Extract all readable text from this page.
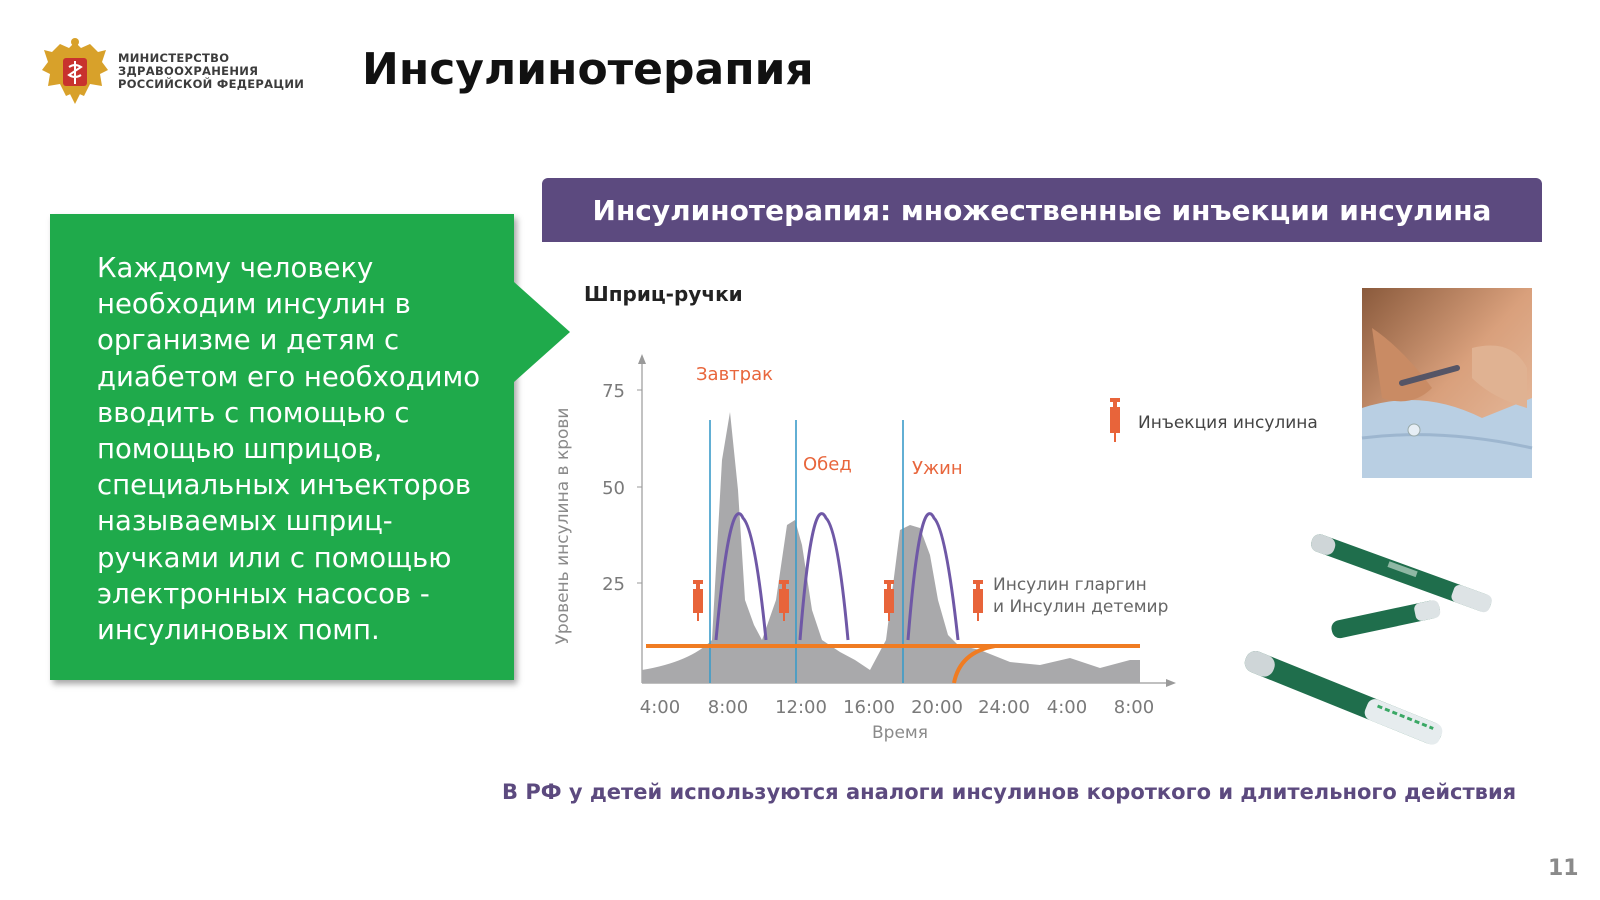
МИНИСТЕРСТВО
ЗДРАВООХРАНЕНИЯ
РОССИЙСКОЙ ФЕДЕРАЦИИ	Инсулинотерапия
Каждому человеку необходим инсулин в организме и детям с диабетом его необходимо вводить с помощью с помощью шприцов, специальных инъекторов называемых шприц-ручками или с помощью электронных насосов - инсулиновых помп.
Инсулинотерапия: множественные инъекции инсулина
Шприц-ручки
75
50
25
Уровень инсулина в крови	Инъекция инсулина
Завтрак
Обед	Ужин
Инсулин гларгин
и Инсулин детемир
4:00 8:00 12:00 16:00 20:00 24:00 4:00 8:00
Время
В РФ у детей используются аналоги инсулинов короткого и длительного действия
11
